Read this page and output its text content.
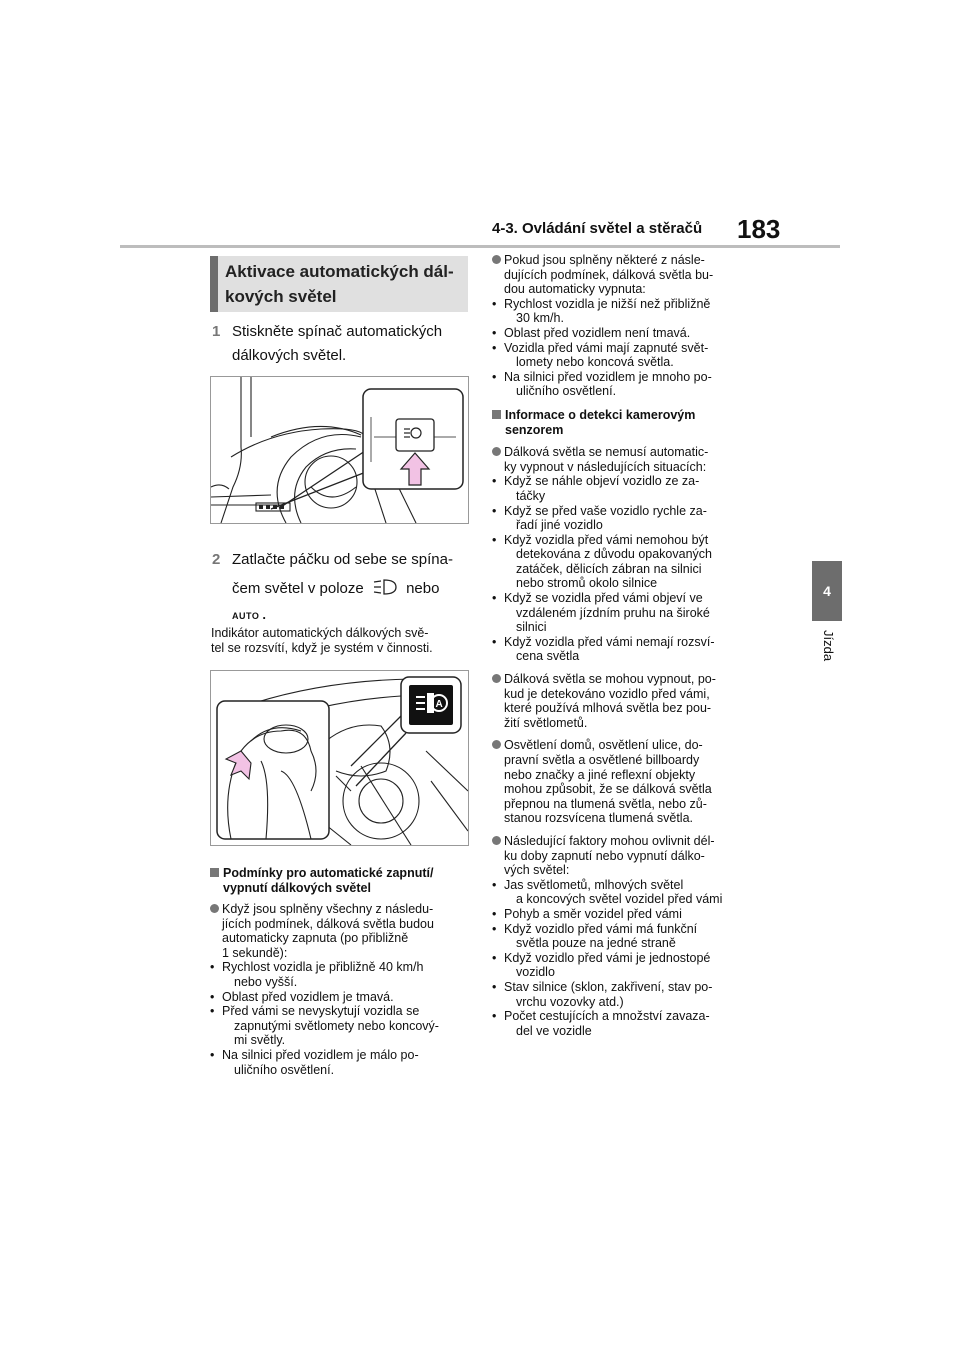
4-3. Ovládání světel a stěračů 183
4
Jízda
Aktivace automatických dál-
kových světel
1 Stiskněte spínač automatických
dálkových světel.
2 Zatlačte páčku od sebe se spína-
čem světel v poloze	nebo
AUTO .
Indikátor automatických dálkových svě-
tel se rozsvítí, když je systém v činnosti.
A
Podmínky pro automatické zapnutí/
vypnutí dálkových světel
Když jsou splněny všechny z následu-
jících podmínek, dálková světla budou
automaticky zapnuta (po přibližně
1 sekundě):
• Rychlost vozidla je přibližně 40 km/h
nebo vyšší.
• Oblast před vozidlem je tmavá.
• Před vámi se nevyskytují vozidla se
zapnutými světlomety nebo koncový-
mi světly.
• Na silnici před vozidlem je málo po-
uličního osvětlení.
Pokud jsou splněny některé z násle-
dujících podmínek, dálková světla bu-
dou automaticky vypnuta:
• Rychlost vozidla je nižší než přibližně
30 km/h.
• Oblast před vozidlem není tmavá.
• Vozidla před vámi mají zapnuté svět-
lomety nebo koncová světla.
• Na silnici před vozidlem je mnoho po-
uličního osvětlení.
Informace o detekci kamerovým
senzorem
Dálková světla se nemusí automatic-
ky vypnout v následujících situacích:
• Když se náhle objeví vozidlo ze za-
táčky
• Když se před vaše vozidlo rychle za-
řadí jiné vozidlo
• Když vozidla před vámi nemohou být
detekována z důvodu opakovaných
zatáček, dělicích zábran na silnici
nebo stromů okolo silnice
• Když se vozidla před vámi objeví ve
vzdáleném jízdním pruhu na široké
silnici
• Když vozidla před vámi nemají rozsví-
cena světla
Dálková světla se mohou vypnout, po-
kud je detekováno vozidlo před vámi,
které používá mlhová světla bez pou-
žití světlometů.
Osvětlení domů, osvětlení ulice, do-
pravní světla a osvětlené billboardy
nebo značky a jiné reflexní objekty
mohou způsobit, že se dálková světla
přepnou na tlumená světla, nebo zů-
stanou rozsvícena tlumená světla.
Následující faktory mohou ovlivnit dél-
ku doby zapnutí nebo vypnutí dálko-
vých světel:
• Jas světlometů, mlhových světel
a koncových světel vozidel před vámi
• Pohyb a směr vozidel před vámi
• Když vozidlo před vámi má funkční
světla pouze na jedné straně
• Když vozidlo před vámi je jednostopé
vozidlo
• Stav silnice (sklon, zakřivení, stav po-
vrchu vozovky atd.)
• Počet cestujících a množství zavaza-
del ve vozidle
